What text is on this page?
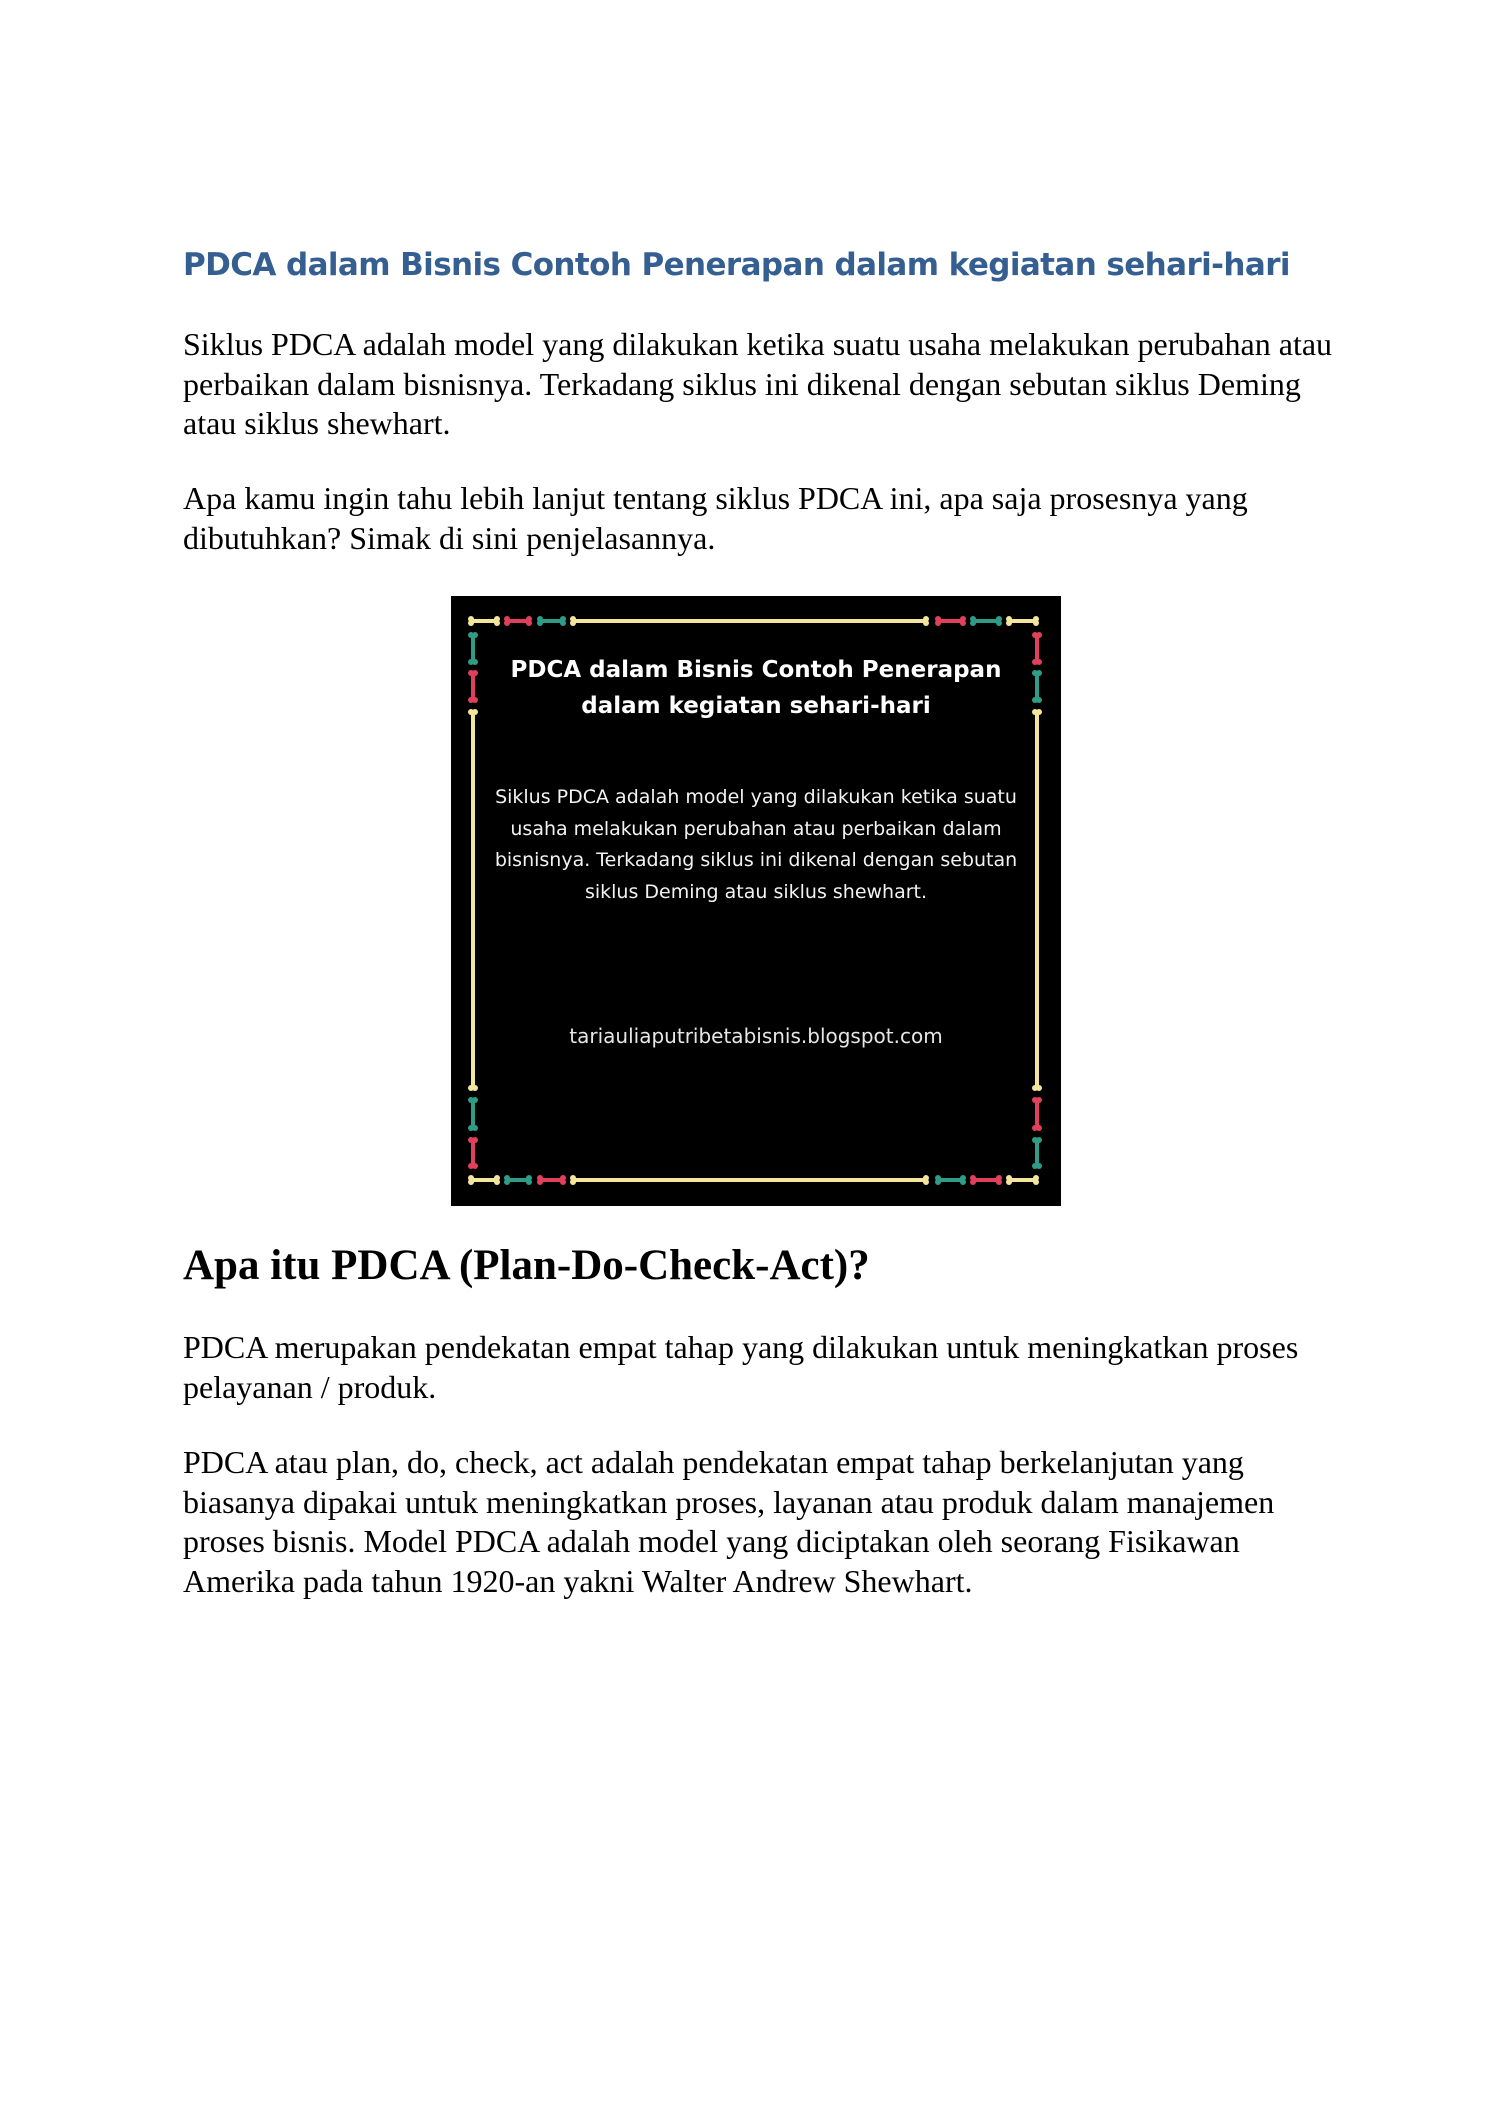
PDCA dalam Bisnis Contoh Penerapan dalam kegiatan sehari-hari

Siklus PDCA adalah model yang dilakukan ketika suatu usaha melakukan perubahan atau perbaikan dalam bisnisnya. Terkadang siklus ini dikenal dengan sebutan siklus Deming atau siklus shewhart.

Apa kamu ingin tahu lebih lanjut tentang siklus PDCA ini, apa saja prosesnya yang dibutuhkan? Simak di sini penjelasannya.

PDCA dalam Bisnis Contoh Penerapan
dalam kegiatan sehari-hari
Siklus PDCA adalah model yang dilakukan ketika suatu usaha melakukan perubahan atau perbaikan dalam bisnisnya. Terkadang siklus ini dikenal dengan sebutan siklus Deming atau siklus shewhart.
tariauliaputribetabisnis.blogspot.com
Apa itu PDCA (Plan-Do-Check-Act)?

PDCA merupakan pendekatan empat tahap yang dilakukan untuk meningkatkan proses pelayanan / produk.

PDCA atau plan, do, check, act adalah pendekatan empat tahap berkelanjutan yang biasanya dipakai untuk meningkatkan proses, layanan atau produk dalam manajemen proses bisnis. Model PDCA adalah model yang diciptakan oleh seorang Fisikawan Amerika pada tahun 1920-an yakni Walter Andrew Shewhart.
